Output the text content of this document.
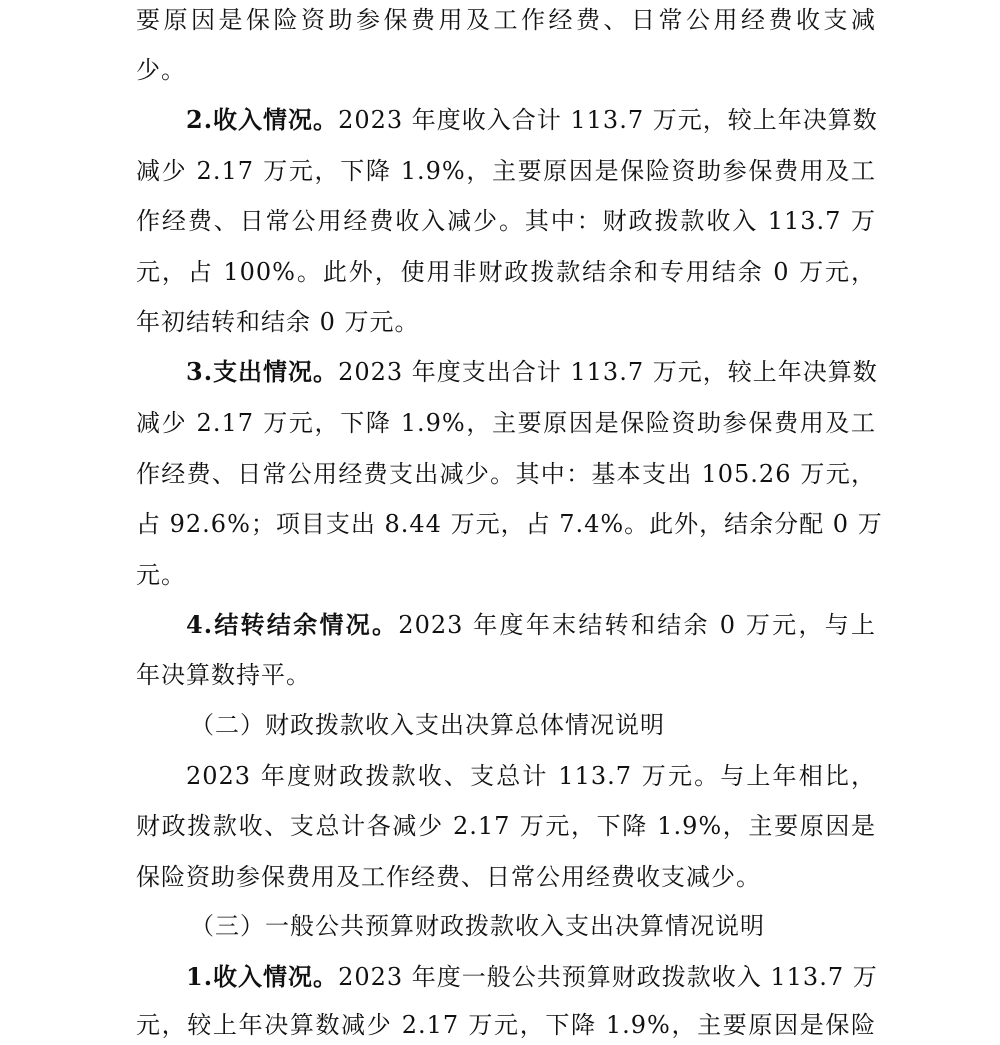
要原因是保险资助参保费用及工作经费、日常公用经费收支减
少。
2.收入情况。2023 年度收入合计 113.7 万元，较上年决算数
减少 2.17 万元，下降 1.9%，主要原因是保险资助参保费用及工
作经费、日常公用经费收入减少。其中：财政拨款收入 113.7 万
元，占 100%。此外，使用非财政拨款结余和专用结余 0 万元，
年初结转和结余 0 万元。
3.支出情况。2023 年度支出合计 113.7 万元，较上年决算数
减少 2.17 万元，下降 1.9%，主要原因是保险资助参保费用及工
作经费、日常公用经费支出减少。其中：基本支出 105.26 万元，
占 92.6%；项目支出 8.44 万元，占 7.4%。此外，结余分配 0 万
元。
4.结转结余情况。2023 年度年末结转和结余 0 万元，与上
年决算数持平。
（二）财政拨款收入支出决算总体情况说明
2023 年度财政拨款收、支总计 113.7 万元。与上年相比，
财政拨款收、支总计各减少 2.17 万元，下降 1.9%，主要原因是
保险资助参保费用及工作经费、日常公用经费收支减少。
（三）一般公共预算财政拨款收入支出决算情况说明
1.收入情况。2023 年度一般公共预算财政拨款收入 113.7 万
元，较上年决算数减少 2.17 万元，下降 1.9%，主要原因是保险
